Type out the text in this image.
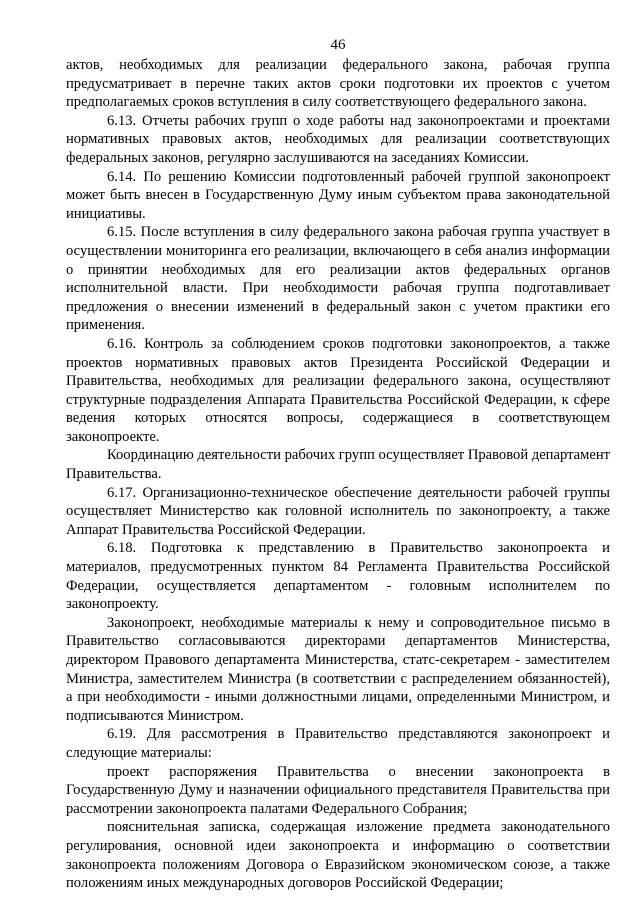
46

актов, необходимых для реализации федерального закона, рабочая группа предусматривает в перечне таких актов сроки подготовки их проектов с учетом предполагаемых сроков вступления в силу соответствующего федерального закона.

6.13. Отчеты рабочих групп о ходе работы над законопроектами и проектами нормативных правовых актов, необходимых для реализации соответствующих федеральных законов, регулярно заслушиваются на заседаниях Комиссии.

6.14. По решению Комиссии подготовленный рабочей группой законопроект может быть внесен в Государственную Думу иным субъектом права законодательной инициативы.

6.15. После вступления в силу федерального закона рабочая группа участвует в осуществлении мониторинга его реализации, включающего в себя анализ информации о принятии необходимых для его реализации актов федеральных органов исполнительной власти. При необходимости рабочая группа подготавливает предложения о внесении изменений в федеральный закон с учетом практики его применения.

6.16. Контроль за соблюдением сроков подготовки законопроектов, а также проектов нормативных правовых актов Президента Российской Федерации и Правительства, необходимых для реализации федерального закона, осуществляют структурные подразделения Аппарата Правительства Российской Федерации, к сфере ведения которых относятся вопросы, содержащиеся в соответствующем законопроекте.

Координацию деятельности рабочих групп осуществляет Правовой департамент Правительства.

6.17. Организационно-техническое обеспечение деятельности рабочей группы осуществляет Министерство как головной исполнитель по законопроекту, а также Аппарат Правительства Российской Федерации.

6.18. Подготовка к представлению в Правительство законопроекта и материалов, предусмотренных пунктом 84 Регламента Правительства Российской Федерации, осуществляется департаментом - головным исполнителем по законопроекту.

Законопроект, необходимые материалы к нему и сопроводительное письмо в Правительство согласовываются директорами департаментов Министерства, директором Правового департамента Министерства, статс-секретарем - заместителем Министра, заместителем Министра (в соответствии с распределением обязанностей), а при необходимости - иными должностными лицами, определенными Министром, и подписываются Министром.

6.19. Для рассмотрения в Правительство представляются законопроект и следующие материалы:

проект распоряжения Правительства о внесении законопроекта в Государственную Думу и назначении официального представителя Правительства при рассмотрении законопроекта палатами Федерального Собрания;

пояснительная записка, содержащая изложение предмета законодательного регулирования, основной идеи законопроекта и информацию о соответствии законопроекта положениям Договора о Евразийском экономическом союзе, а также положениям иных международных договоров Российской Федерации;
